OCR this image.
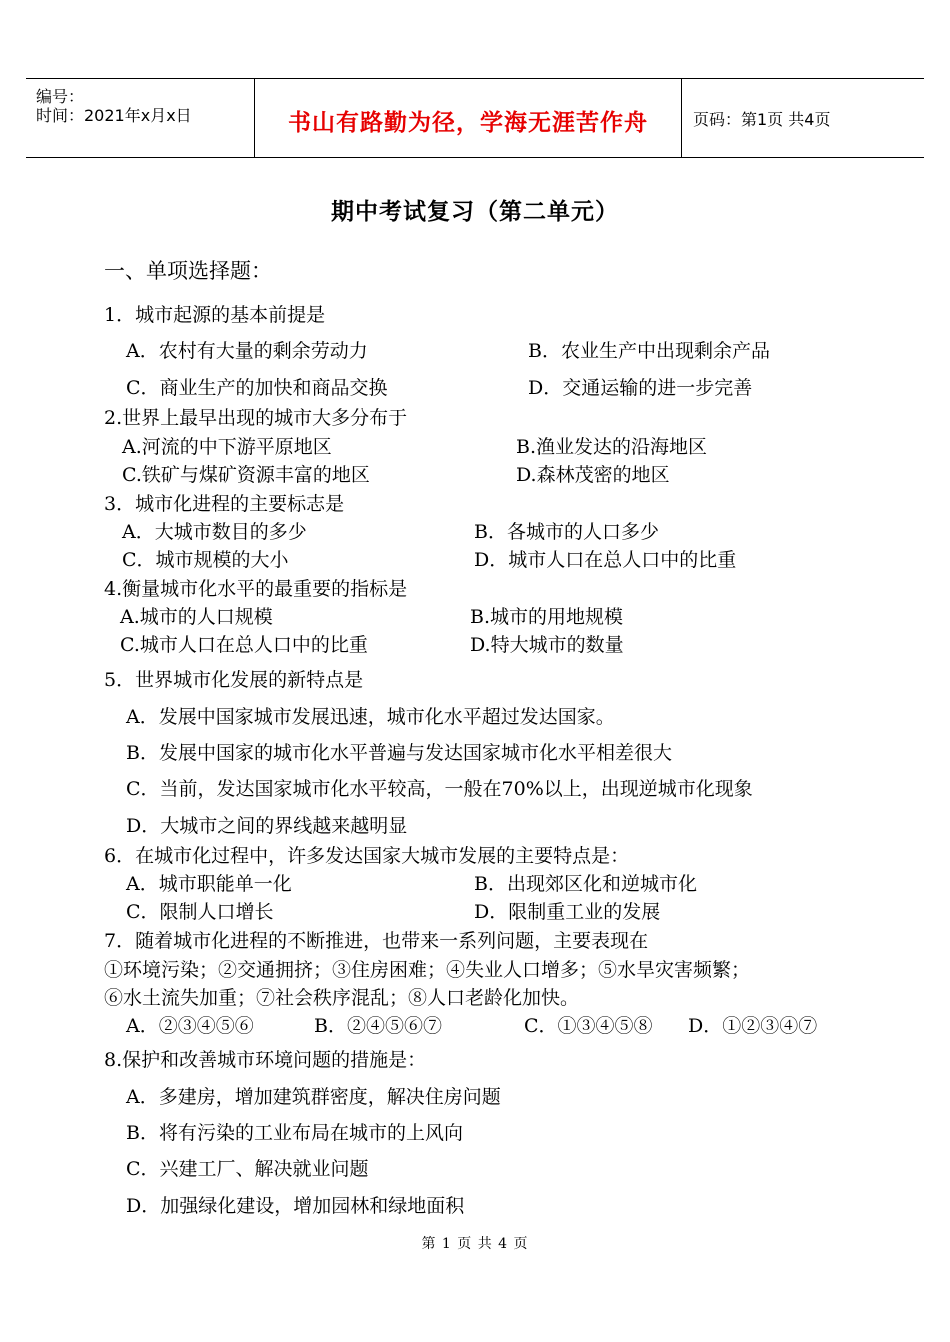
编号：
时间：2021年x月x日	书山有路勤为径，学海无涯苦作舟	页码：第1页 共4页
期中考试复习（第二单元）
一、单项选择题：
1．城市起源的基本前提是
A．农村有大量的剩余劳动力	B．农业生产中出现剩余产品
C．商业生产的加快和商品交换	D．交通运输的进一步完善
2.世界上最早出现的城市大多分布于
A.河流的中下游平原地区	B.渔业发达的沿海地区
C.铁矿与煤矿资源丰富的地区	D.森林茂密的地区
3．城市化进程的主要标志是
A．大城市数目的多少	B．各城市的人口多少
C．城市规模的大小	D．城市人口在总人口中的比重
4.衡量城市化水平的最重要的指标是
A.城市的人口规模	B.城市的用地规模
C.城市人口在总人口中的比重	D.特大城市的数量
5．世界城市化发展的新特点是
A．发展中国家城市发展迅速，城市化水平超过发达国家。
B．发展中国家的城市化水平普遍与发达国家城市化水平相差很大
C．当前，发达国家城市化水平较高，一般在70%以上，出现逆城市化现象
D．大城市之间的界线越来越明显
6．在城市化过程中，许多发达国家大城市发展的主要特点是：
A．城市职能单一化	B．出现郊区化和逆城市化
C．限制人口增长	D．限制重工业的发展
7．随着城市化进程的不断推进，也带来一系列问题，主要表现在
①环境污染；②交通拥挤；③住房困难；④失业人口增多；⑤水旱灾害频繁；
⑥水土流失加重；⑦社会秩序混乱；⑧人口老龄化加快。
A．②③④⑤⑥	B．②④⑤⑥⑦	C．①③④⑤⑧ D．①②③④⑦
8.保护和改善城市环境问题的措施是：
A．多建房，增加建筑群密度，解决住房问题
B．将有污染的工业布局在城市的上风向
C．兴建工厂、解决就业问题
D．加强绿化建设，增加园林和绿地面积
第 1 页 共 4 页
